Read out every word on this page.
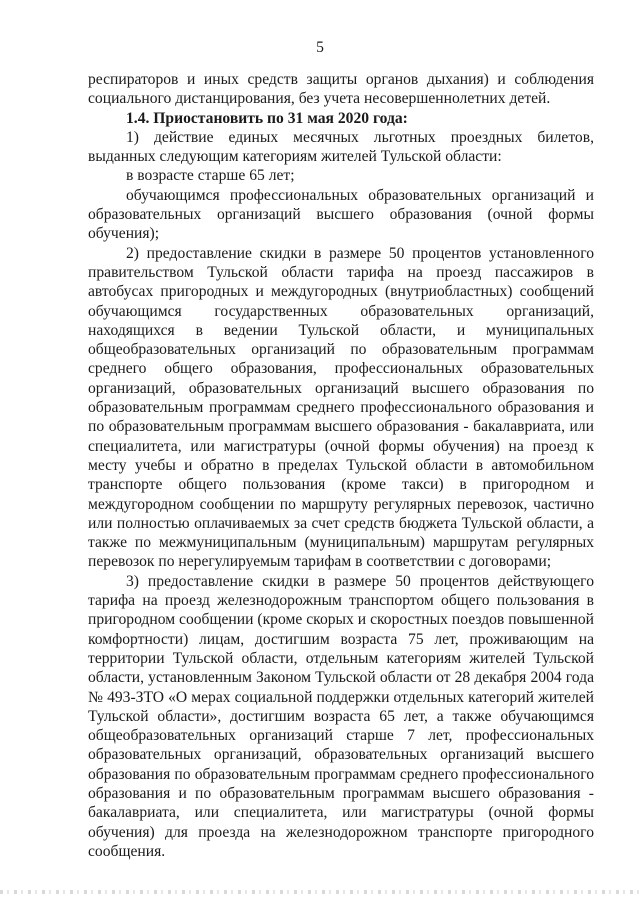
5

респираторов и иных средств защиты органов дыхания) и соблюдения социального дистанцирования, без учета несовершеннолетних детей.

1.4. Приостановить по 31 мая 2020 года:

1) действие единых месячных льготных проездных билетов, выданных следующим категориям жителей Тульской области:

в возрасте старше 65 лет;

обучающимся профессиональных образовательных организаций и образовательных организаций высшего образования (очной формы обучения);

2) предоставление скидки в размере 50 процентов установленного правительством Тульской области тарифа на проезд пассажиров в автобусах пригородных и междугородных (внутриобластных) сообщений обучающимся государственных образовательных организаций, находящихся в ведении Тульской области, и муниципальных общеобразовательных организаций по образовательным программам среднего общего образования, профессиональных образовательных организаций, образовательных организаций высшего образования по образовательным программам среднего профессионального образования и по образовательным программам высшего образования - бакалавриата, или специалитета, или магистратуры (очной формы обучения) на проезд к месту учебы и обратно в пределах Тульской области в автомобильном транспорте общего пользования (кроме такси) в пригородном и междугородном сообщении по маршруту регулярных перевозок, частично или полностью оплачиваемых за счет средств бюджета Тульской области, а также по межмуниципальным (муниципальным) маршрутам регулярных перевозок по нерегулируемым тарифам в соответствии с договорами;

3) предоставление скидки в размере 50 процентов действующего тарифа на проезд железнодорожным транспортом общего пользования в пригородном сообщении (кроме скорых и скоростных поездов повышенной комфортности) лицам, достигшим возраста 75 лет, проживающим на территории Тульской области, отдельным категориям жителей Тульской области, установленным Законом Тульской области от 28 декабря 2004 года № 493-ЗТО «О мерах социальной поддержки отдельных категорий жителей Тульской области», достигшим возраста 65 лет, а также обучающимся общеобразовательных организаций старше 7 лет, профессиональных образовательных организаций, образовательных организаций высшего образования по образовательным программам среднего профессионального образования и по образовательным программам высшего образования - бакалавриата, или специалитета, или магистратуры (очной формы обучения) для проезда на железнодорожном транспорте пригородного сообщения.
